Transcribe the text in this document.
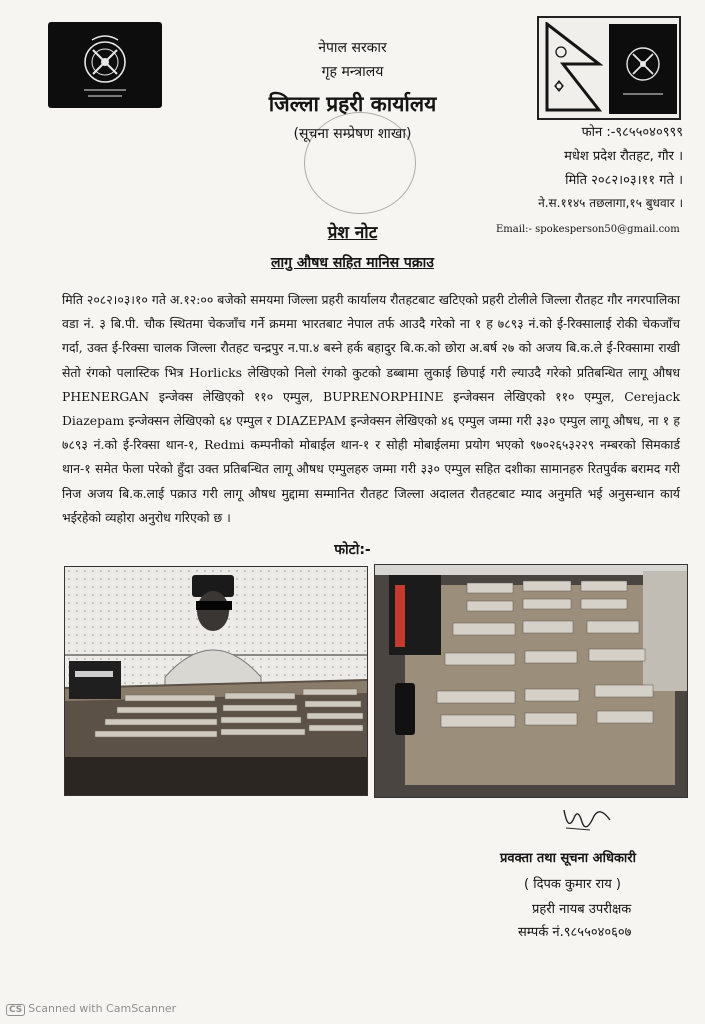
नेपाल सरकार
गृह मन्त्रालय
जिल्ला प्रहरी कार्यालय
(सूचना सम्प्रेषण शाखा)	फोन :-९८५५०४०९९९
मधेश प्रदेश रौतहट, गौर ।
मिति २०८२।०३।११ गते ।
ने.स.११४५ तछलागा,१५ बुधवार ।
Email:- spokesperson50@gmail.com
प्रेश नोट
लागु औषध सहित मानिस पक्राउ
मिति २०८२।०३।१० गते अ.१२:०० बजेको समयमा जिल्ला प्रहरी कार्यालय रौतहटबाट खटिएको प्रहरी टोलीले जिल्ला रौतहट गौर नगरपालिका वडा नं. ३ बि.पी. चौक स्थितमा चेकजाँच गर्ने क्रममा भारतबाट नेपाल तर्फ आउदै गरेको ना १ ह ७८९३ नं.को ई-रिक्सालाई रोकी चेकजाँच गर्दा, उक्त ई-रिक्सा चालक जिल्ला रौतहट चन्द्रपुर न.पा.४ बस्ने हर्क बहादुर बि.क.को छोरा अ.बर्ष २७ को अजय बि.क.ले ई-रिक्सामा राखी सेतो रंगको पलास्टिक भित्र Horlicks लेखिएको निलो रंगको कुटको डब्बामा लुकाई छिपाई गरी ल्याउदै गरेको प्रतिबन्धित लागू औषध PHENERGAN इन्जेक्स लेखिएको ११० एम्पुल, BUPRENORPHINE इन्जेक्सन लेखिएको ११० एम्पुल, Cerejack Diazepam इन्जेक्सन लेखिएको ६४ एम्पुल र DIAZEPAM इन्जेक्सन लेखिएको ४६ एम्पुल जम्मा गरी ३३० एम्पुल लागू औषध, ना १ ह ७८९३ नं.को ई-रिक्सा थान-१, Redmi कम्पनीको मोबाईल थान-१ र सोही मोबाईलमा प्रयोग भएको ९७०२६५३२२९ नम्बरको सिमकार्ड थान-१ समेत फेला परेको हुँदा उक्त प्रतिबन्धित लागू औषध एम्पुलहरु जम्मा गरी ३३० एम्पुल सहित दशीका सामानहरु रितपुर्वक बरामद गरी निज अजय बि.क.लाई पक्राउ गरी लागू औषध मुद्दामा सम्मानित रौतहट जिल्ला अदालत रौतहटबाट म्याद अनुमति भई अनुसन्धान कार्य भईरहेको व्यहोरा अनुरोध गरिएको छ ।
फोटो:-
प्रवक्ता तथा सूचना अधिकारी
( दिपक कुमार राय )
प्रहरी नायब उपरीक्षक
सम्पर्क नं.९८५५०४०६०७
CS Scanned with CamScanner
